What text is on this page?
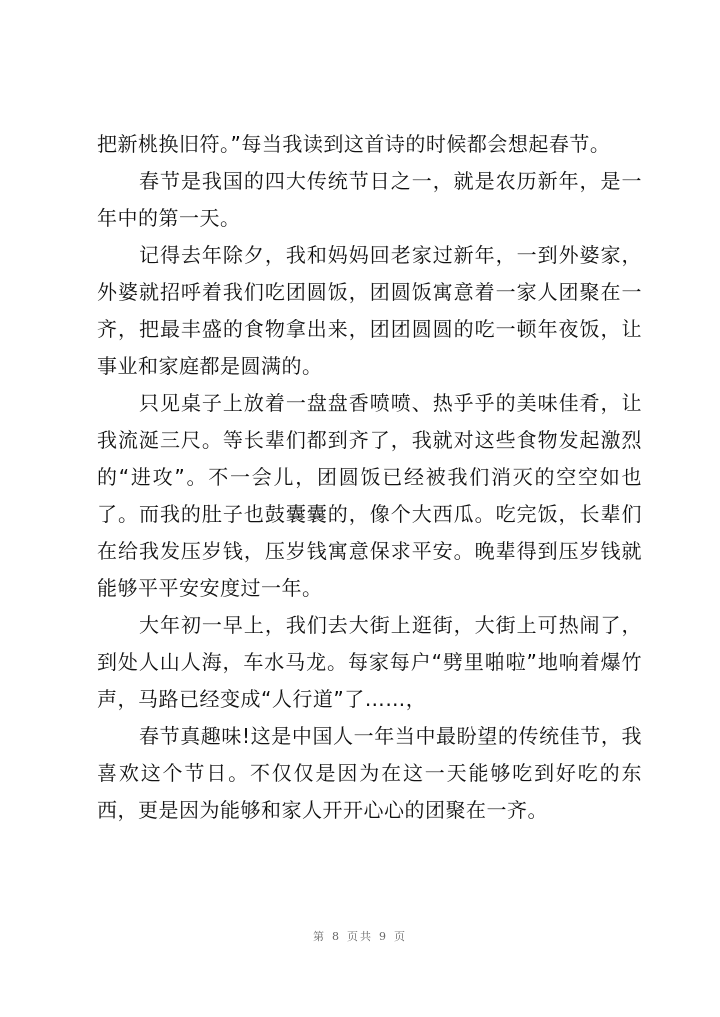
把新桃换旧符。”每当我读到这首诗的时候都会想起春节。

春节是我国的四大传统节日之一，就是农历新年，是一年中的第一天。

记得去年除夕，我和妈妈回老家过新年，一到外婆家，外婆就招呼着我们吃团圆饭，团圆饭寓意着一家人团聚在一齐，把最丰盛的食物拿出来，团团圆圆的吃一顿年夜饭，让事业和家庭都是圆满的。

只见桌子上放着一盘盘香喷喷、热乎乎的美味佳肴，让我流涎三尺。等长辈们都到齐了，我就对这些食物发起激烈的“进攻”。不一会儿，团圆饭已经被我们消灭的空空如也了。而我的肚子也鼓囊囊的，像个大西瓜。吃完饭，长辈们在给我发压岁钱，压岁钱寓意保求平安。晚辈得到压岁钱就能够平平安安度过一年。

大年初一早上，我们去大街上逛街，大街上可热闹了，到处人山人海，车水马龙。每家每户“劈里啪啦”地响着爆竹声，马路已经变成“人行道”了……，

春节真趣味!这是中国人一年当中最盼望的传统佳节，我喜欢这个节日。不仅仅是因为在这一天能够吃到好吃的东西，更是因为能够和家人开开心心的团聚在一齐。

第 8 页共 9 页
